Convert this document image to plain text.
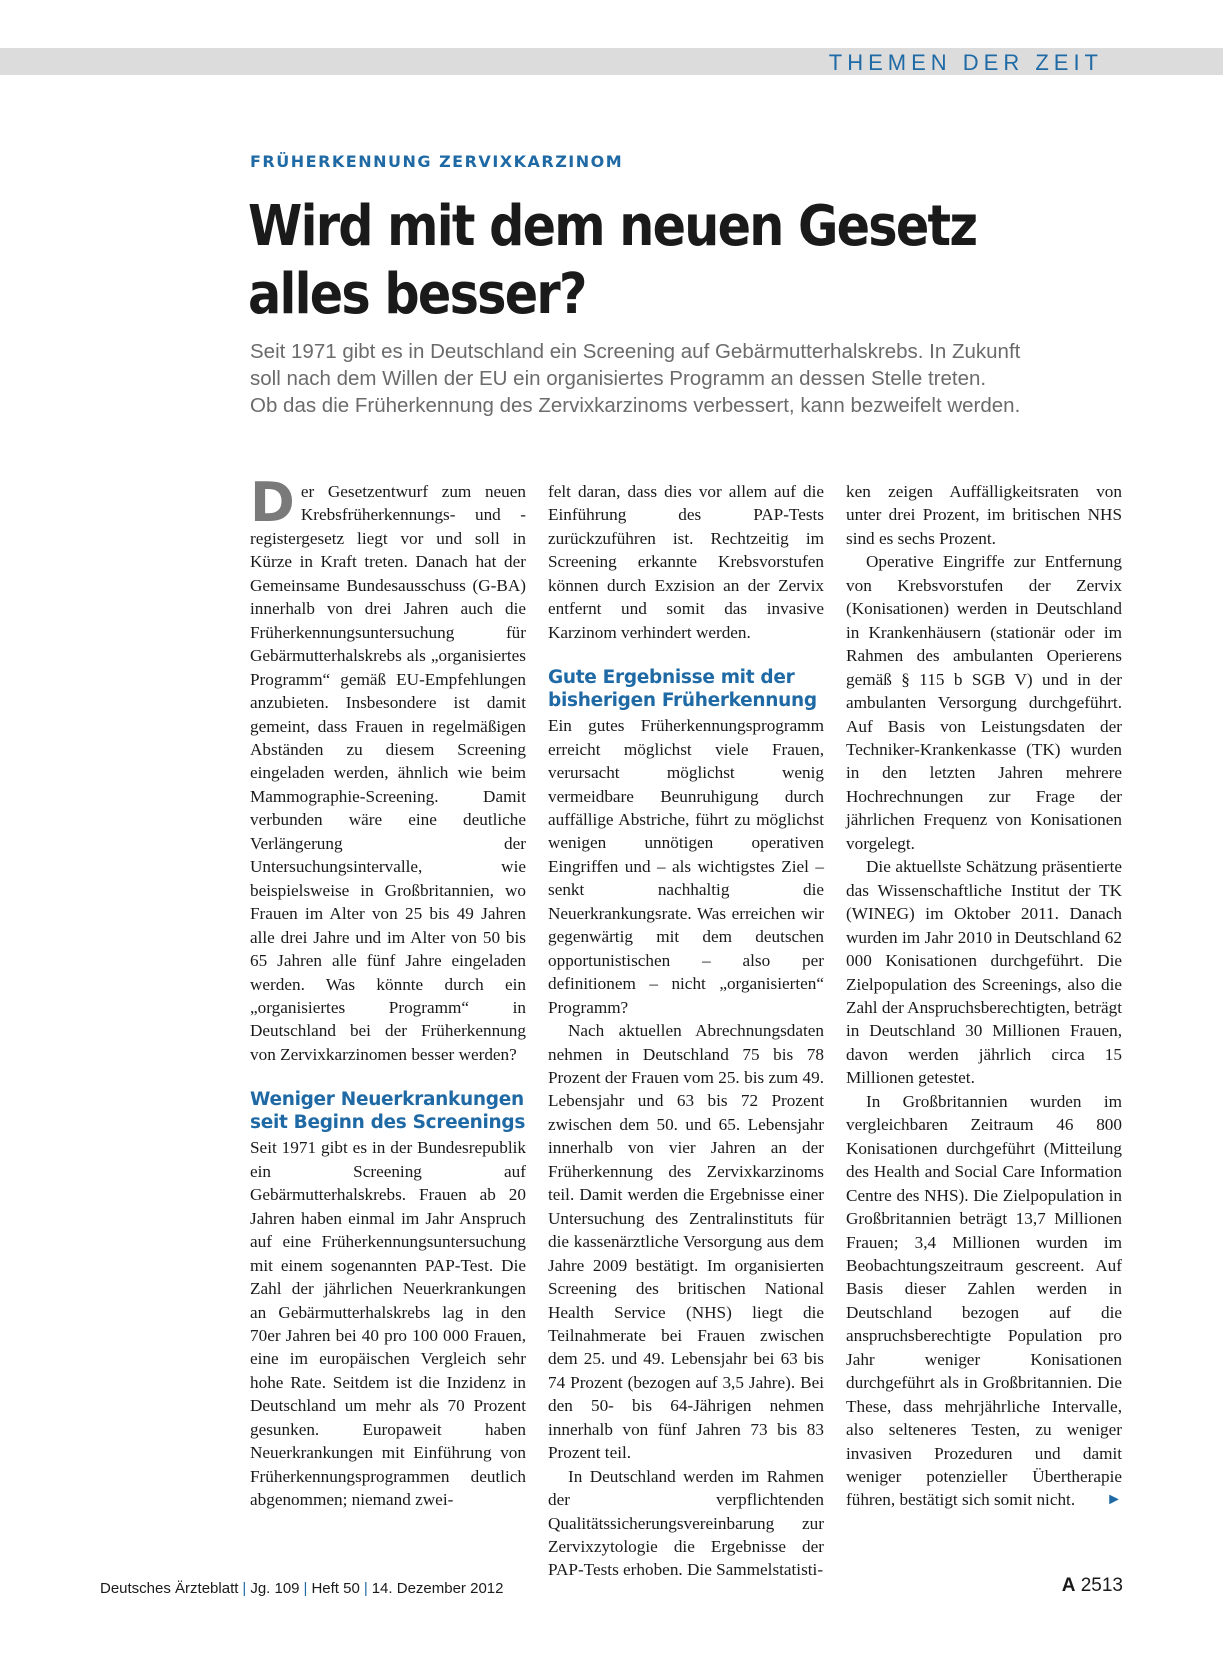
THEMEN DER ZEIT
FRÜHERKENNUNG ZERVIXKARZINOM
Wird mit dem neuen Gesetz
alles besser?
Seit 1971 gibt es in Deutschland ein Screening auf Gebärmutterhalskrebs. In Zukunft
soll nach dem Willen der EU ein organisiertes Programm an dessen Stelle treten.
Ob das die Früherkennung des Zervixkarzinoms verbessert, kann bezweifelt werden.

Der Gesetzentwurf zum neuen Krebsfrüherkennungs- und -registergesetz liegt vor und soll in Kürze in Kraft treten. Danach hat der Gemeinsame Bundesausschuss (G-BA) innerhalb von drei Jahren auch die Früherkennungsuntersuchung für Gebärmutterhalskrebs als „organisiertes Programm“ gemäß EU-Empfehlungen anzubieten. Insbesondere ist damit gemeint, dass Frauen in regelmäßigen Abständen zu diesem Screening eingeladen werden, ähnlich wie beim Mammographie-Screening. Damit verbunden wäre eine deutliche Verlängerung der Untersuchungsintervalle, wie beispielsweise in Großbritannien, wo Frauen im Alter von 25 bis 49 Jahren alle drei Jahre und im Alter von 50 bis 65 Jahren alle fünf Jahre eingeladen werden. Was könnte durch ein „organisiertes Programm“ in Deutschland bei der Früherkennung von Zervixkarzinomen besser werden?

Weniger Neuerkrankungen seit Beginn des Screenings

Seit 1971 gibt es in der Bundesrepublik ein Screening auf Gebärmutterhalskrebs. Frauen ab 20 Jahren haben einmal im Jahr Anspruch auf eine Früherkennungsuntersuchung mit einem sogenannten PAP-Test. Die Zahl der jährlichen Neuerkrankungen an Gebärmutterhalskrebs lag in den 70er Jahren bei 40 pro 100 000 Frauen, eine im europäischen Vergleich sehr hohe Rate. Seitdem ist die Inzidenz in Deutschland um mehr als 70 Prozent gesunken. Europaweit haben Neuerkrankungen mit Einführung von Früherkennungsprogrammen deutlich abgenommen; niemand zwei-

felt daran, dass dies vor allem auf die Einführung des PAP-Tests zurückzuführen ist. Rechtzeitig im Screening erkannte Krebsvorstufen können durch Exzision an der Zervix entfernt und somit das invasive Karzinom verhindert werden.

Gute Ergebnisse mit der bisherigen Früherkennung

Ein gutes Früherkennungsprogramm erreicht möglichst viele Frauen, verursacht möglichst wenig vermeidbare Beunruhigung durch auffällige Abstriche, führt zu möglichst wenigen unnötigen operativen Eingriffen und – als wichtigstes Ziel – senkt nachhaltig die Neuerkrankungsrate. Was erreichen wir gegenwärtig mit dem deutschen opportunistischen – also per definitionem – nicht „organisierten“ Programm?

Nach aktuellen Abrechnungsdaten nehmen in Deutschland 75 bis 78 Prozent der Frauen vom 25. bis zum 49. Lebensjahr und 63 bis 72 Prozent zwischen dem 50. und 65. Lebensjahr innerhalb von vier Jahren an der Früherkennung des Zervixkarzinoms teil. Damit werden die Ergebnisse einer Untersuchung des Zentralinstituts für die kassenärztliche Versorgung aus dem Jahre 2009 bestätigt. Im organisierten Screening des britischen National Health Service (NHS) liegt die Teilnahmerate bei Frauen zwischen dem 25. und 49. Lebensjahr bei 63 bis 74 Prozent (bezogen auf 3,5 Jahre). Bei den 50- bis 64-Jährigen nehmen innerhalb von fünf Jahren 73 bis 83 Prozent teil.

In Deutschland werden im Rahmen der verpflichtenden Qualitätssicherungsvereinbarung zur Zervixzytologie die Ergebnisse der PAP-Tests erhoben. Die Sammelstatisti-

ken zeigen Auffälligkeitsraten von unter drei Prozent, im britischen NHS sind es sechs Prozent.

Operative Eingriffe zur Entfernung von Krebsvorstufen der Zervix (Konisationen) werden in Deutschland in Krankenhäusern (stationär oder im Rahmen des ambulanten Operierens gemäß § 115 b SGB V) und in der ambulanten Versorgung durchgeführt. Auf Basis von Leistungsdaten der Techniker-Krankenkasse (TK) wurden in den letzten Jahren mehrere Hochrechnungen zur Frage der jährlichen Frequenz von Konisationen vorgelegt.

Die aktuellste Schätzung präsentierte das Wissenschaftliche Institut der TK (WINEG) im Oktober 2011. Danach wurden im Jahr 2010 in Deutschland 62 000 Konisationen durchgeführt. Die Zielpopulation des Screenings, also die Zahl der Anspruchsberechtigten, beträgt in Deutschland 30 Millionen Frauen, davon werden jährlich circa 15 Millionen getestet.

In Großbritannien wurden im vergleichbaren Zeitraum 46 800 Konisationen durchgeführt (Mitteilung des Health and Social Care Information Centre des NHS). Die Zielpopulation in Großbritannien beträgt 13,7 Millionen Frauen; 3,4 Millionen wurden im Beobachtungszeitraum gescreent. Auf Basis dieser Zahlen werden in Deutschland bezogen auf die anspruchsberechtigte Population pro Jahr weniger Konisationen durchgeführt als in Großbritannien. Die These, dass mehrjährliche Intervalle, also selteneres Testen, zu weniger invasiven Prozeduren und damit weniger potenzieller Übertherapie führen, bestätigt sich somit nicht.	►

Deutsches Ärzteblatt | Jg. 109 | Heft 50 | 14. Dezember 2012	A 2513
